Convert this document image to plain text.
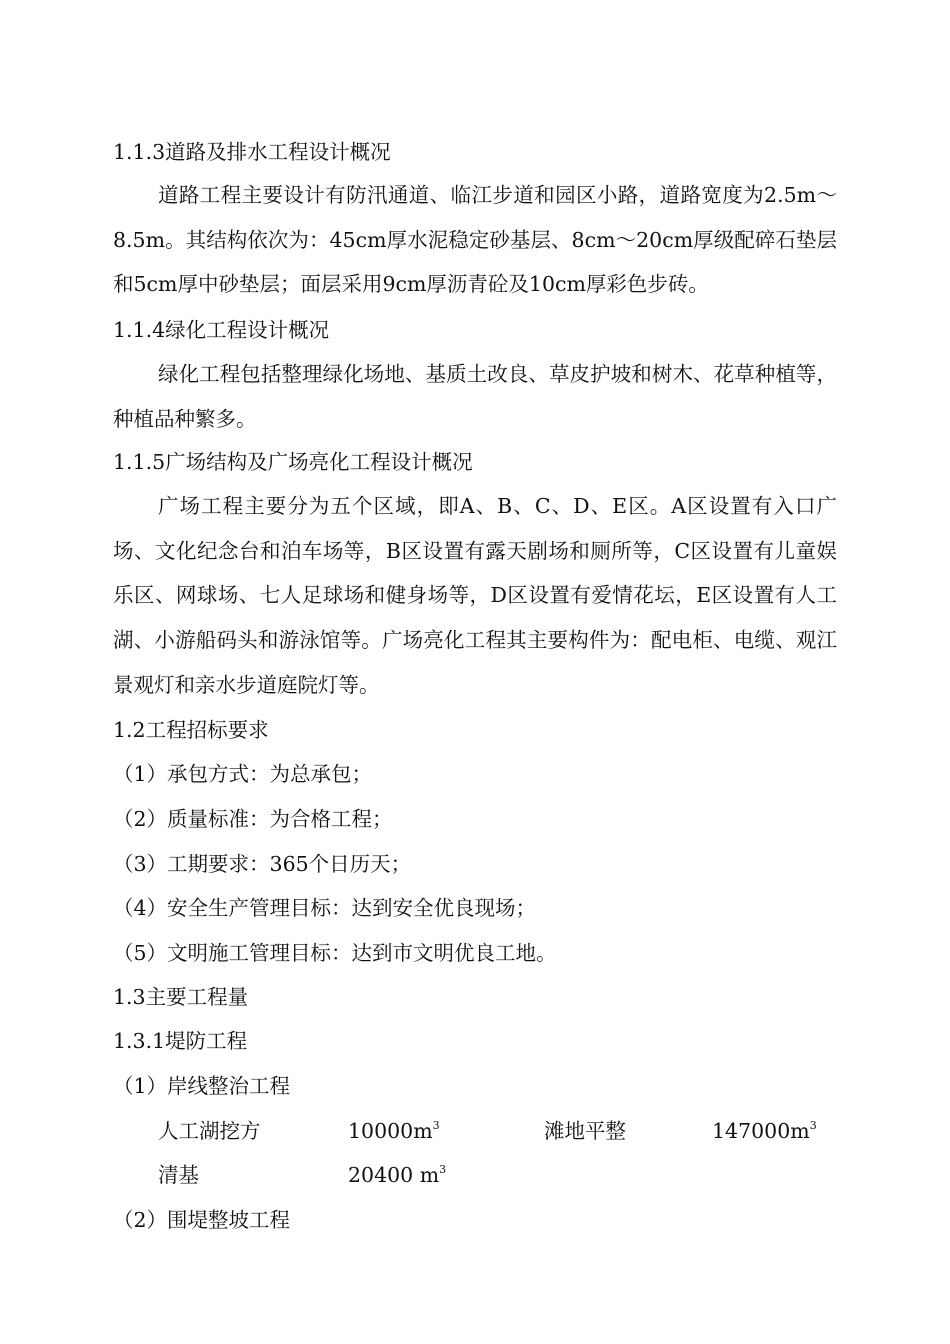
1.1.3道路及排水工程设计概况
道路工程主要设计有防汛通道、临江步道和园区小路，道路宽度为2.5m～8.5m。其结构依次为：45cm厚水泥稳定砂基层、8cm～20cm厚级配碎石垫层和5cm厚中砂垫层；面层采用9cm厚沥青砼及10cm厚彩色步砖。
1.1.4绿化工程设计概况
绿化工程包括整理绿化场地、基质土改良、草皮护坡和树木、花草种植等，种植品种繁多。
1.1.5广场结构及广场亮化工程设计概况
广场工程主要分为五个区域，即A、B、C、D、E区。A区设置有入口广场、文化纪念台和泊车场等，B区设置有露天剧场和厕所等，C区设置有儿童娱乐区、网球场、七人足球场和健身场等，D区设置有爱情花坛，E区设置有人工湖、小游船码头和游泳馆等。广场亮化工程其主要构件为：配电柜、电缆、观江景观灯和亲水步道庭院灯等。
1.2工程招标要求
（1）承包方式：为总承包；
（2）质量标准：为合格工程；
（3）工期要求：365个日历天；
（4）安全生产管理目标：达到安全优良现场；
（5）文明施工管理目标：达到市文明优良工地。
1.3主要工程量
1.3.1堤防工程
（1）岸线整治工程
人工湖挖方	$10000m^3$	滩地平整	$147000m^3$
清基	20400 $m^3$
（2）围堤整坡工程
